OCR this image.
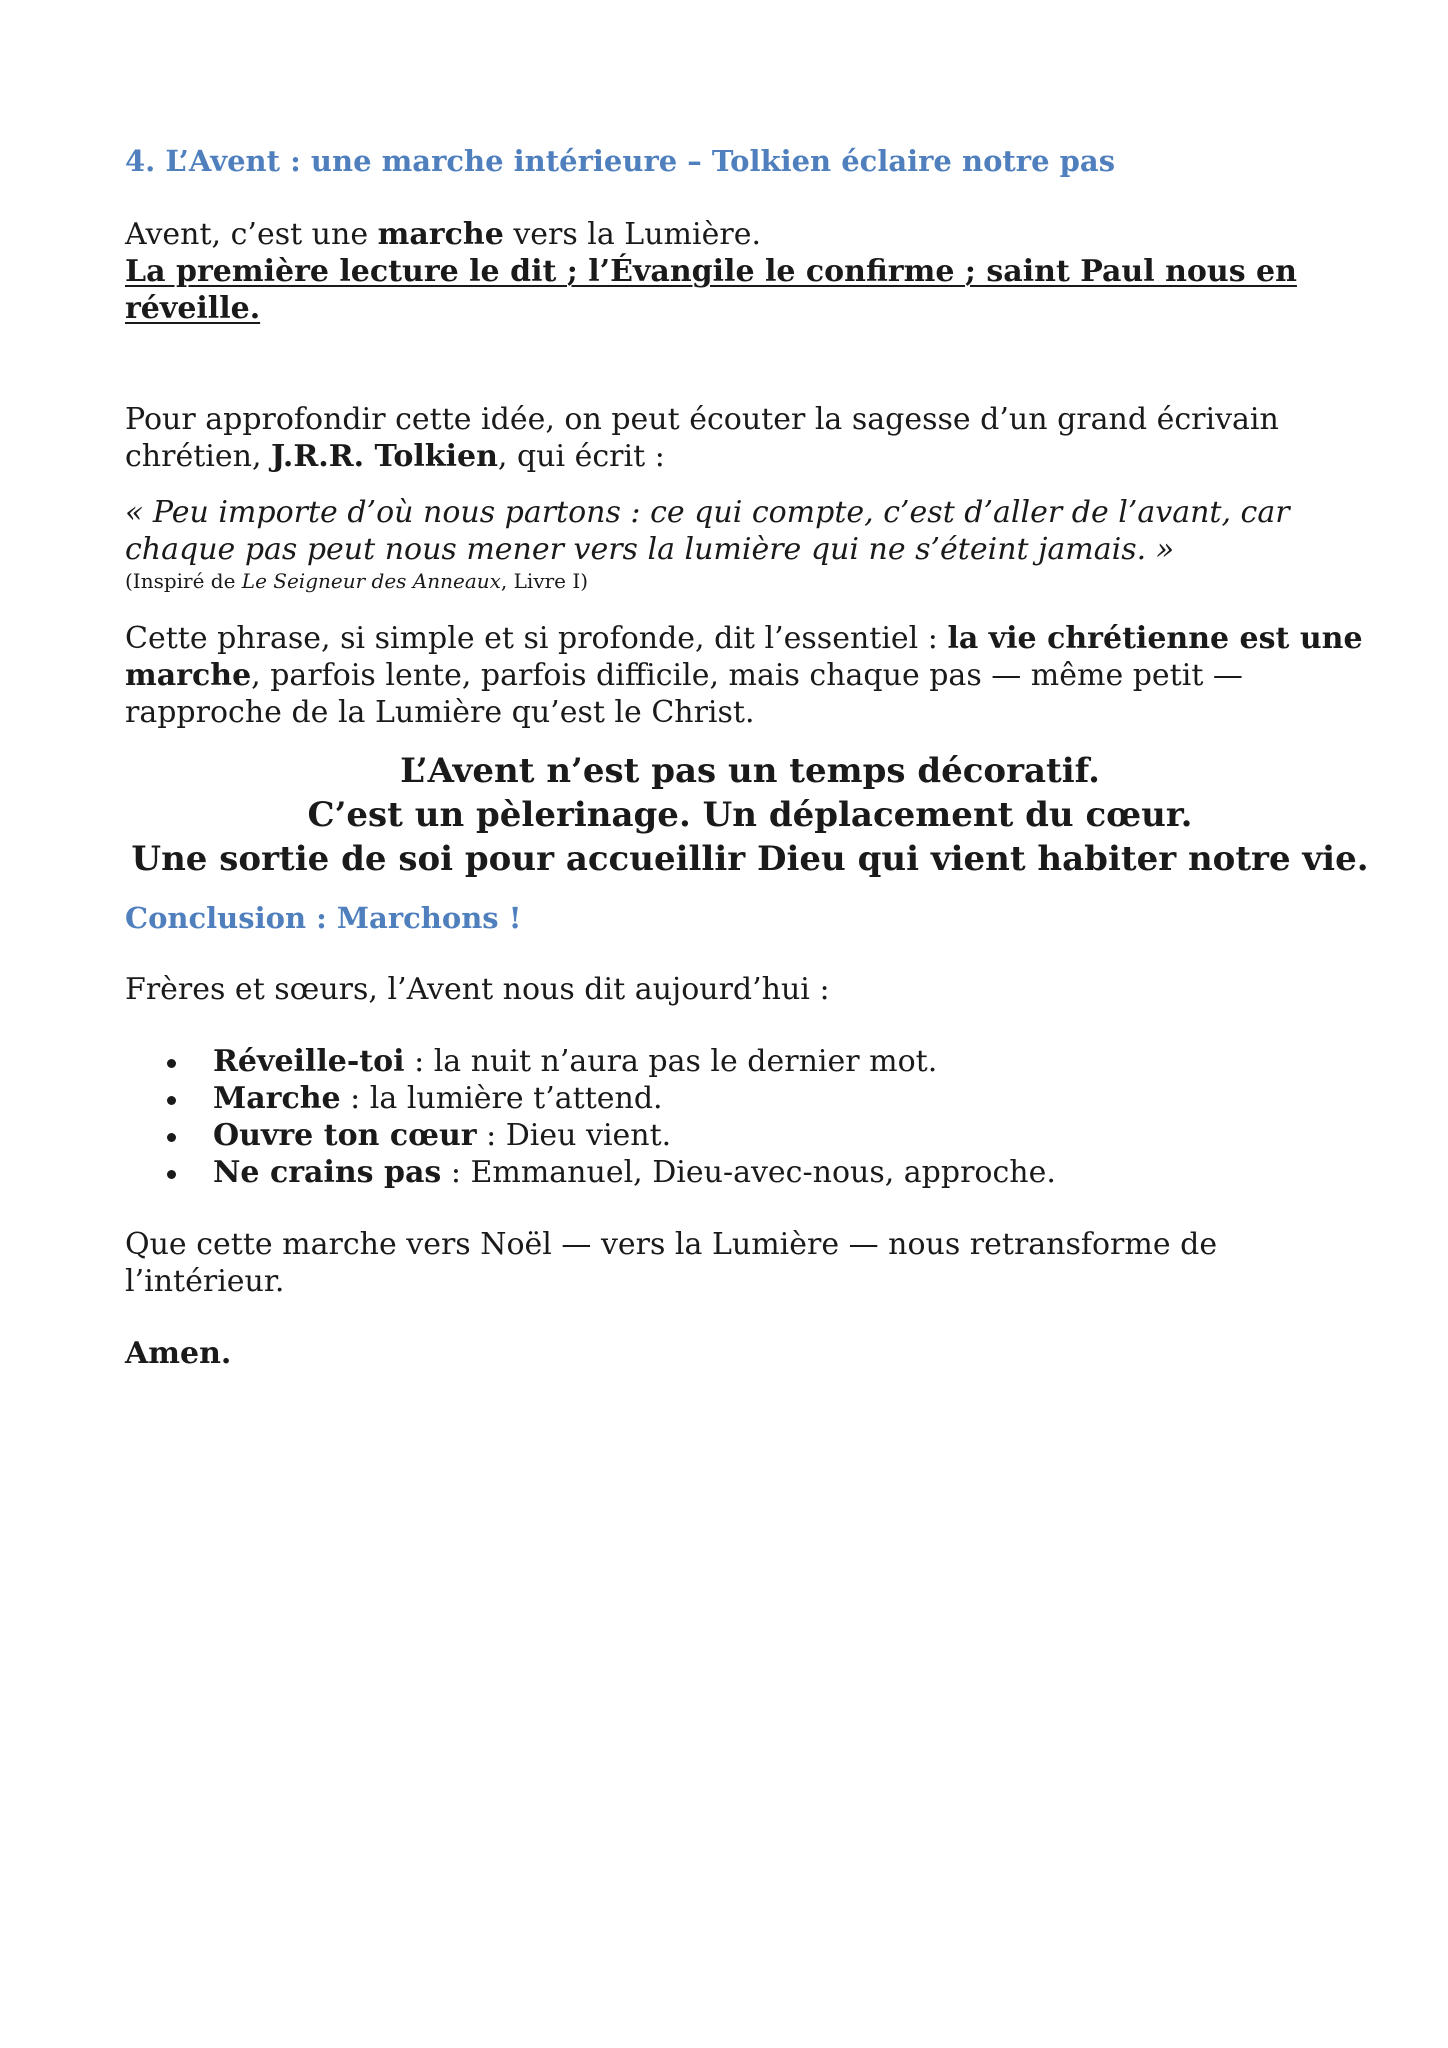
4. L’Avent : une marche intérieure – Tolkien éclaire notre pas

Avent, c’est une marche vers la Lumière.

La première lecture le dit ; l’Évangile le confirme ; saint Paul nous en réveille.

Pour approfondir cette idée, on peut écouter la sagesse d’un grand écrivain chrétien, J.R.R. Tolkien, qui écrit :

« Peu importe d’où nous partons : ce qui compte, c’est d’aller de l’avant, car chaque pas peut nous mener vers la lumière qui ne s’éteint jamais. »

(Inspiré de Le Seigneur des Anneaux, Livre I)

Cette phrase, si simple et si profonde, dit l’essentiel : la vie chrétienne est une marche, parfois lente, parfois difficile, mais chaque pas — même petit — rapproche de la Lumière qu’est le Christ.

L’Avent n’est pas un temps décoratif.

C’est un pèlerinage. Un déplacement du cœur.

Une sortie de soi pour accueillir Dieu qui vient habiter notre vie.

Conclusion : Marchons !

Frères et sœurs, l’Avent nous dit aujourd’hui :

Réveille-toi : la nuit n’aura pas le dernier mot.
Marche : la lumière t’attend.
Ouvre ton cœur : Dieu vient.
Ne crains pas : Emmanuel, Dieu-avec-nous, approche.

Que cette marche vers Noël — vers la Lumière — nous retransforme de l’intérieur.

Amen.
